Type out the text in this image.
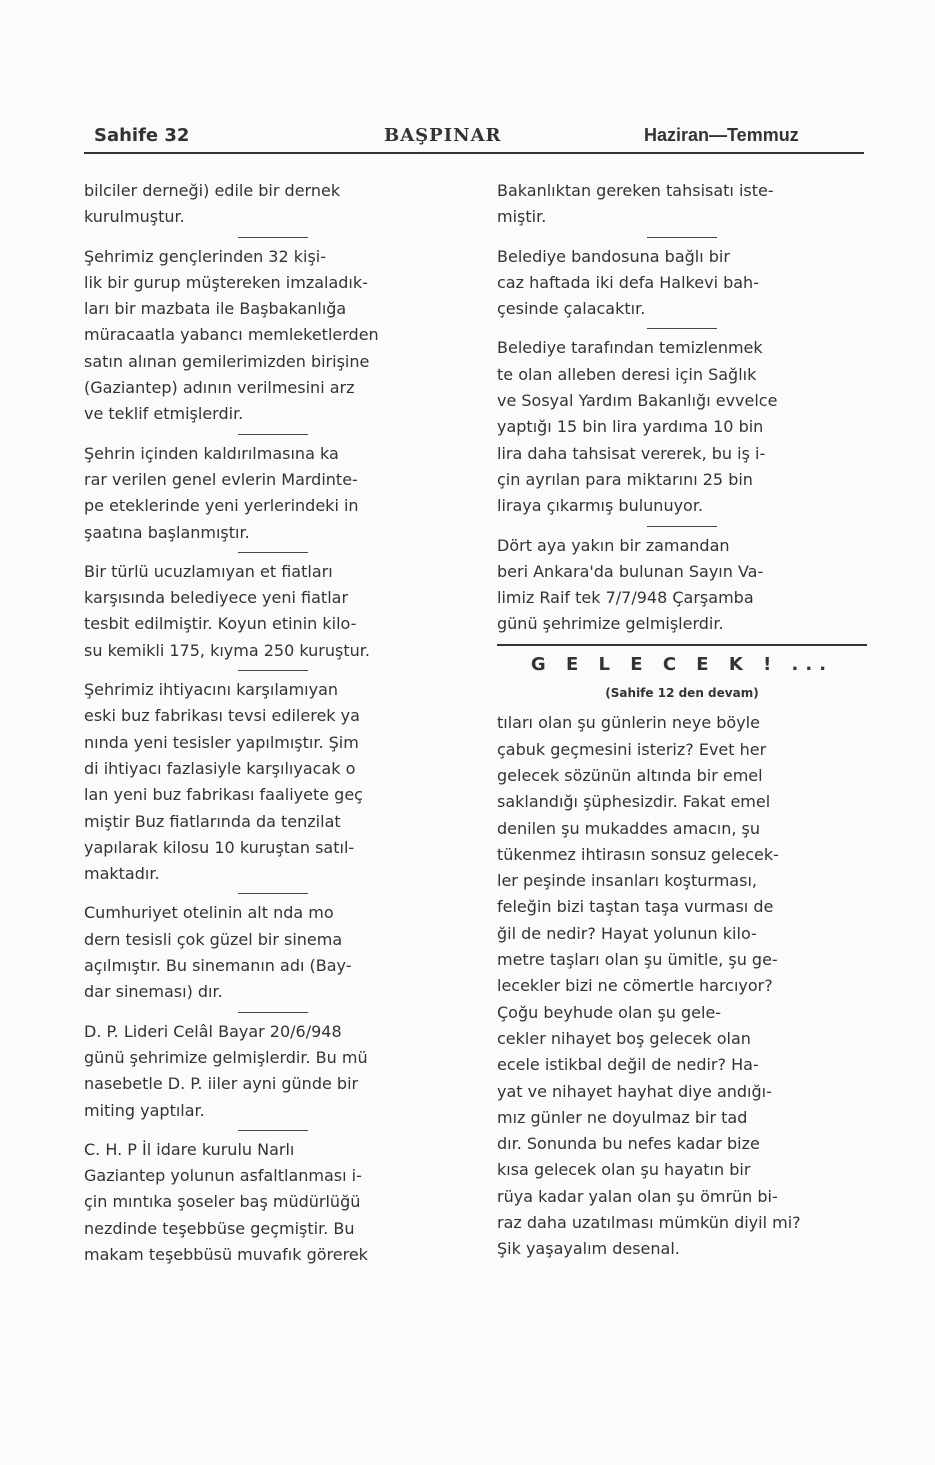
Sahife 32	BAŞPINAR	Haziran—Temmuz
bilciler derneği) edile bir dernek
kurulmuştur.
Şehrimiz gençlerinden 32 kişi-
lik bir gurup müştereken imzaladık-
ları bir mazbata ile Başbakanlığa
müracaatla yabancı memleketlerden
satın alınan gemilerimizden birişine
(Gaziantep) adının verilmesini arz
ve teklif etmişlerdir.
Şehrin içinden kaldırılmasına ka
rar verilen genel evlerin Mardinte-
pe eteklerinde yeni yerlerindeki in
şaatına başlanmıştır.
Bir türlü ucuzlamıyan et fiatları
karşısında belediyece yeni fiatlar
tesbit edilmiştir. Koyun etinin kilo-
su kemikli 175, kıyma 250 kuruştur.
Şehrimiz ihtiyacını karşılamıyan
eski buz fabrikası tevsi edilerek ya
nında yeni tesisler yapılmıştır. Şim
di ihtiyacı fazlasiyle karşılıyacak o
lan yeni buz fabrikası faaliyete geç
miştir Buz fiatlarında da tenzilat
yapılarak kilosu 10 kuruştan satıl-
maktadır.
Cumhuriyet otelinin alt nda mo
dern tesisli çok güzel bir sinema
açılmıştır. Bu sinemanın adı (Bay-
dar sineması) dır.
D. P. Lideri Celâl Bayar 20/6/948
günü şehrimize gelmişlerdir. Bu mü
nasebetle D. P. iiler ayni günde bir
miting yaptılar.
C. H. P İl idare kurulu Narlı
Gaziantep yolunun asfaltlanması i-
çin mıntıka şoseler baş müdürlüğü
nezdinde teşebbüse geçmiştir. Bu
makam teşebbüsü muvafık görerek
Bakanlıktan gereken tahsisatı iste-
miştir.
Belediye bandosuna bağlı bir
caz haftada iki defa Halkevi bah-
çesinde çalacaktır.
Belediye tarafından temizlenmek
te olan alleben deresi için Sağlık
ve Sosyal Yardım Bakanlığı evvelce
yaptığı 15 bin lira yardıma 10 bin
lira daha tahsisat vererek, bu iş i-
çin ayrılan para miktarını 25 bin
liraya çıkarmış bulunuyor.
Dört aya yakın bir zamandan
beri Ankara'da bulunan Sayın Va-
limiz Raif tek 7/7/948 Çarşamba
günü şehrimize gelmişlerdir.
G E L E C E K ! ...
(Sahife 12 den devam)
tıları olan şu günlerin neye böyle
çabuk geçmesini isteriz? Evet her
gelecek sözünün altında bir emel
saklandığı şüphesizdir. Fakat emel
denilen şu mukaddes amacın, şu
tükenmez ihtirasın sonsuz gelecek-
ler peşinde insanları koşturması,
feleğin bizi taştan taşa vurması de
ğil de nedir? Hayat yolunun kilo-
metre taşları olan şu ümitle, şu ge-
lecekler bizi ne cömertle harcıyor?
Çoğu beyhude olan şu gele-
cekler nihayet boş gelecek olan
ecele istikbal değil de nedir? Ha-
yat ve nihayet hayhat diye andığı-
mız günler ne doyulmaz bir tad
dır. Sonunda bu nefes kadar bize
kısa gelecek olan şu hayatın bir
rüya kadar yalan olan şu ömrün bi-
raz daha uzatılması mümkün diyil mi?
Şik yaşayalım desenal.
